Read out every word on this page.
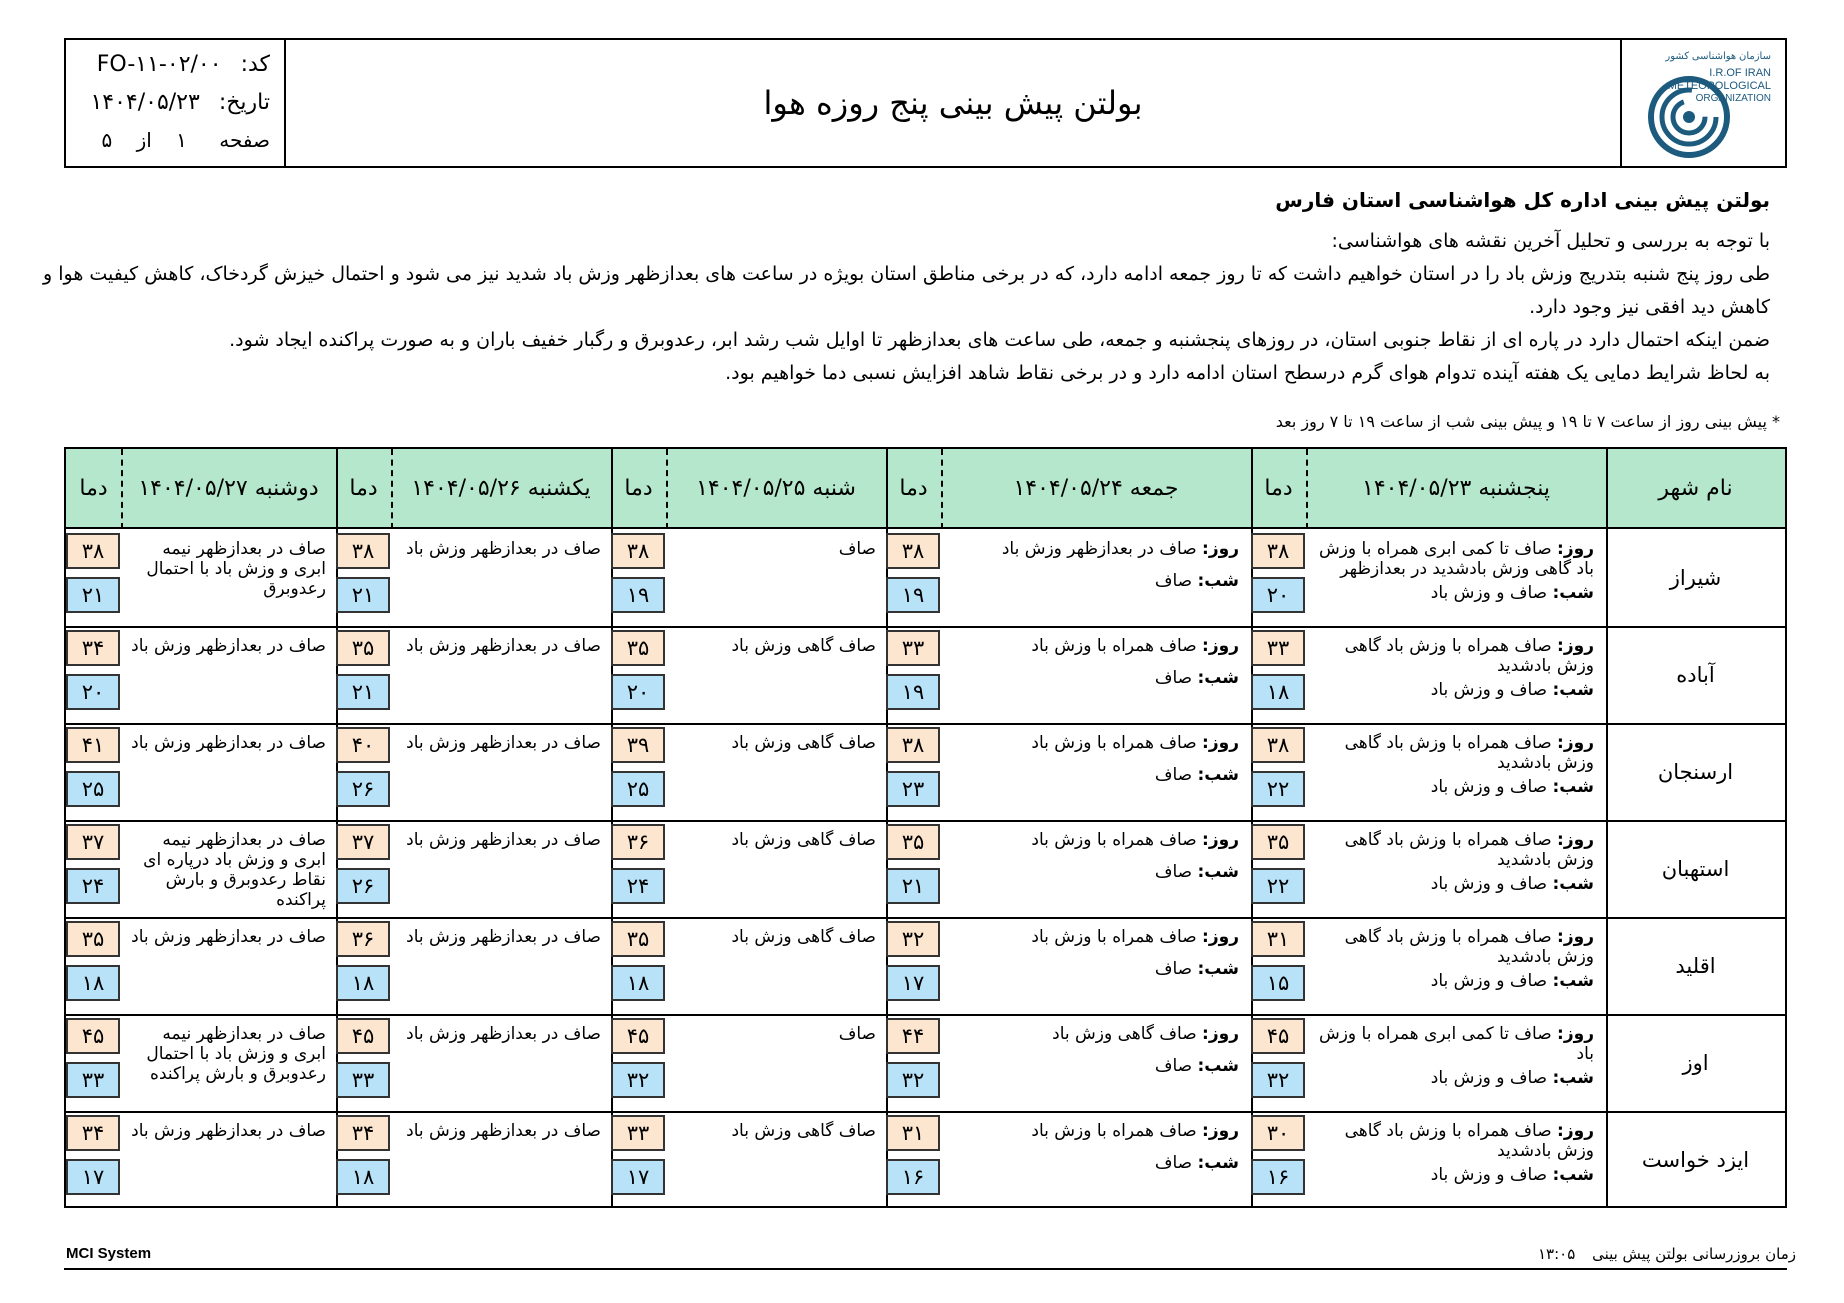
کد: FO-۱۱-۰۲/۰۰
تاریخ: ۱۴۰۴/۰۵/۲۳
صفحه ۱ از ۵
بولتن پیش بینی پنج روزه هوا
سازمان هواشناسی کشور
I.R.OF IRAN
METEOROLOGICAL
ORGANIZATION
بولتن پیش بینی اداره کل هواشناسی استان فارس
با توجه به بررسی و تحلیل آخرین نقشه های هواشناسی:
طی روز پنج شنبه بتدریج وزش باد را در استان خواهیم داشت که تا روز جمعه ادامه دارد، که در برخی مناطق استان بویژه در ساعت های بعدازظهر وزش باد شدید نیز می شود و احتمال خیزش گردخاک، کاهش کیفیت هوا و
کاهش دید افقی نیز وجود دارد.
ضمن اینکه احتمال دارد در پاره ای از نقاط جنوبی استان، در روزهای پنجشنبه و جمعه، طی ساعت های بعدازظهر تا اوایل شب رشد ابر، رعدوبرق و رگبار خفیف باران و به صورت پراکنده ایجاد شود.
به لحاظ شرایط دمایی یک هفته آینده تدوام هوای گرم درسطح استان ادامه دارد و در برخی نقاط شاهد افزایش نسبی دما خواهیم بود.
* پیش بینی روز از ساعت ۷ تا ۱۹ و پیش بینی شب از ساعت ۱۹ تا ۷ روز بعد
نام شهر
پنجشنبه ۱۴۰۴/۰۵/۲۳
دما
جمعه ۱۴۰۴/۰۵/۲۴
دما
شنبه ۱۴۰۴/۰۵/۲۵
دما
یکشنبه ۱۴۰۴/۰۵/۲۶
دما
دوشنبه ۱۴۰۴/۰۵/۲۷
دما
شیراز
روز: صاف تا کمی ابری همراه با وزش باد گاهی وزش بادشدید در بعدازظهر
شب: صاف و وزش باد
۳۸
۲۰
روز: صاف در بعدازظهر وزش باد
شب: صاف
۳۸
۱۹
صاف
۳۸
۱۹
صاف در بعدازظهر وزش باد
۳۸
۲۱
صاف در بعدازظهر نیمه ابری و وزش باد با احتمال رعدوبرق
۳۸
۲۱
آباده
روز: صاف همراه با وزش باد گاهی وزش بادشدید
شب: صاف و وزش باد
۳۳
۱۸
روز: صاف همراه با وزش باد
شب: صاف
۳۳
۱۹
صاف گاهی وزش باد
۳۵
۲۰
صاف در بعدازظهر وزش باد
۳۵
۲۱
صاف در بعدازظهر وزش باد
۳۴
۲۰
ارسنجان
روز: صاف همراه با وزش باد گاهی وزش بادشدید
شب: صاف و وزش باد
۳۸
۲۲
روز: صاف همراه با وزش باد
شب: صاف
۳۸
۲۳
صاف گاهی وزش باد
۳۹
۲۵
صاف در بعدازظهر وزش باد
۴۰
۲۶
صاف در بعدازظهر وزش باد
۴۱
۲۵
استهبان
روز: صاف همراه با وزش باد گاهی وزش بادشدید
شب: صاف و وزش باد
۳۵
۲۲
روز: صاف همراه با وزش باد
شب: صاف
۳۵
۲۱
صاف گاهی وزش باد
۳۶
۲۴
صاف در بعدازظهر وزش باد
۳۷
۲۶
صاف در بعدازظهر نیمه ابری و وزش باد درپاره ای نقاط رعدوبرق و بارش پراکنده
۳۷
۲۴
اقلید
روز: صاف همراه با وزش باد گاهی وزش بادشدید
شب: صاف و وزش باد
۳۱
۱۵
روز: صاف همراه با وزش باد
شب: صاف
۳۲
۱۷
صاف گاهی وزش باد
۳۵
۱۸
صاف در بعدازظهر وزش باد
۳۶
۱۸
صاف در بعدازظهر وزش باد
۳۵
۱۸
اوز
روز: صاف تا کمی ابری همراه با وزش باد
شب: صاف و وزش باد
۴۵
۳۲
روز: صاف گاهی وزش باد
شب: صاف
۴۴
۳۲
صاف
۴۵
۳۲
صاف در بعدازظهر وزش باد
۴۵
۳۳
صاف در بعدازظهر نیمه ابری و وزش باد با احتمال رعدوبرق و بارش پراکنده
۴۵
۳۳
ایزد خواست
روز: صاف همراه با وزش باد گاهی وزش بادشدید
شب: صاف و وزش باد
۳۰
۱۶
روز: صاف همراه با وزش باد
شب: صاف
۳۱
۱۶
صاف گاهی وزش باد
۳۳
۱۷
صاف در بعدازظهر وزش باد
۳۴
۱۸
صاف در بعدازظهر وزش باد
۳۴
۱۷
MCI System	زمان بروزرسانی بولتن پیش بینی ۱۳:۰۵
